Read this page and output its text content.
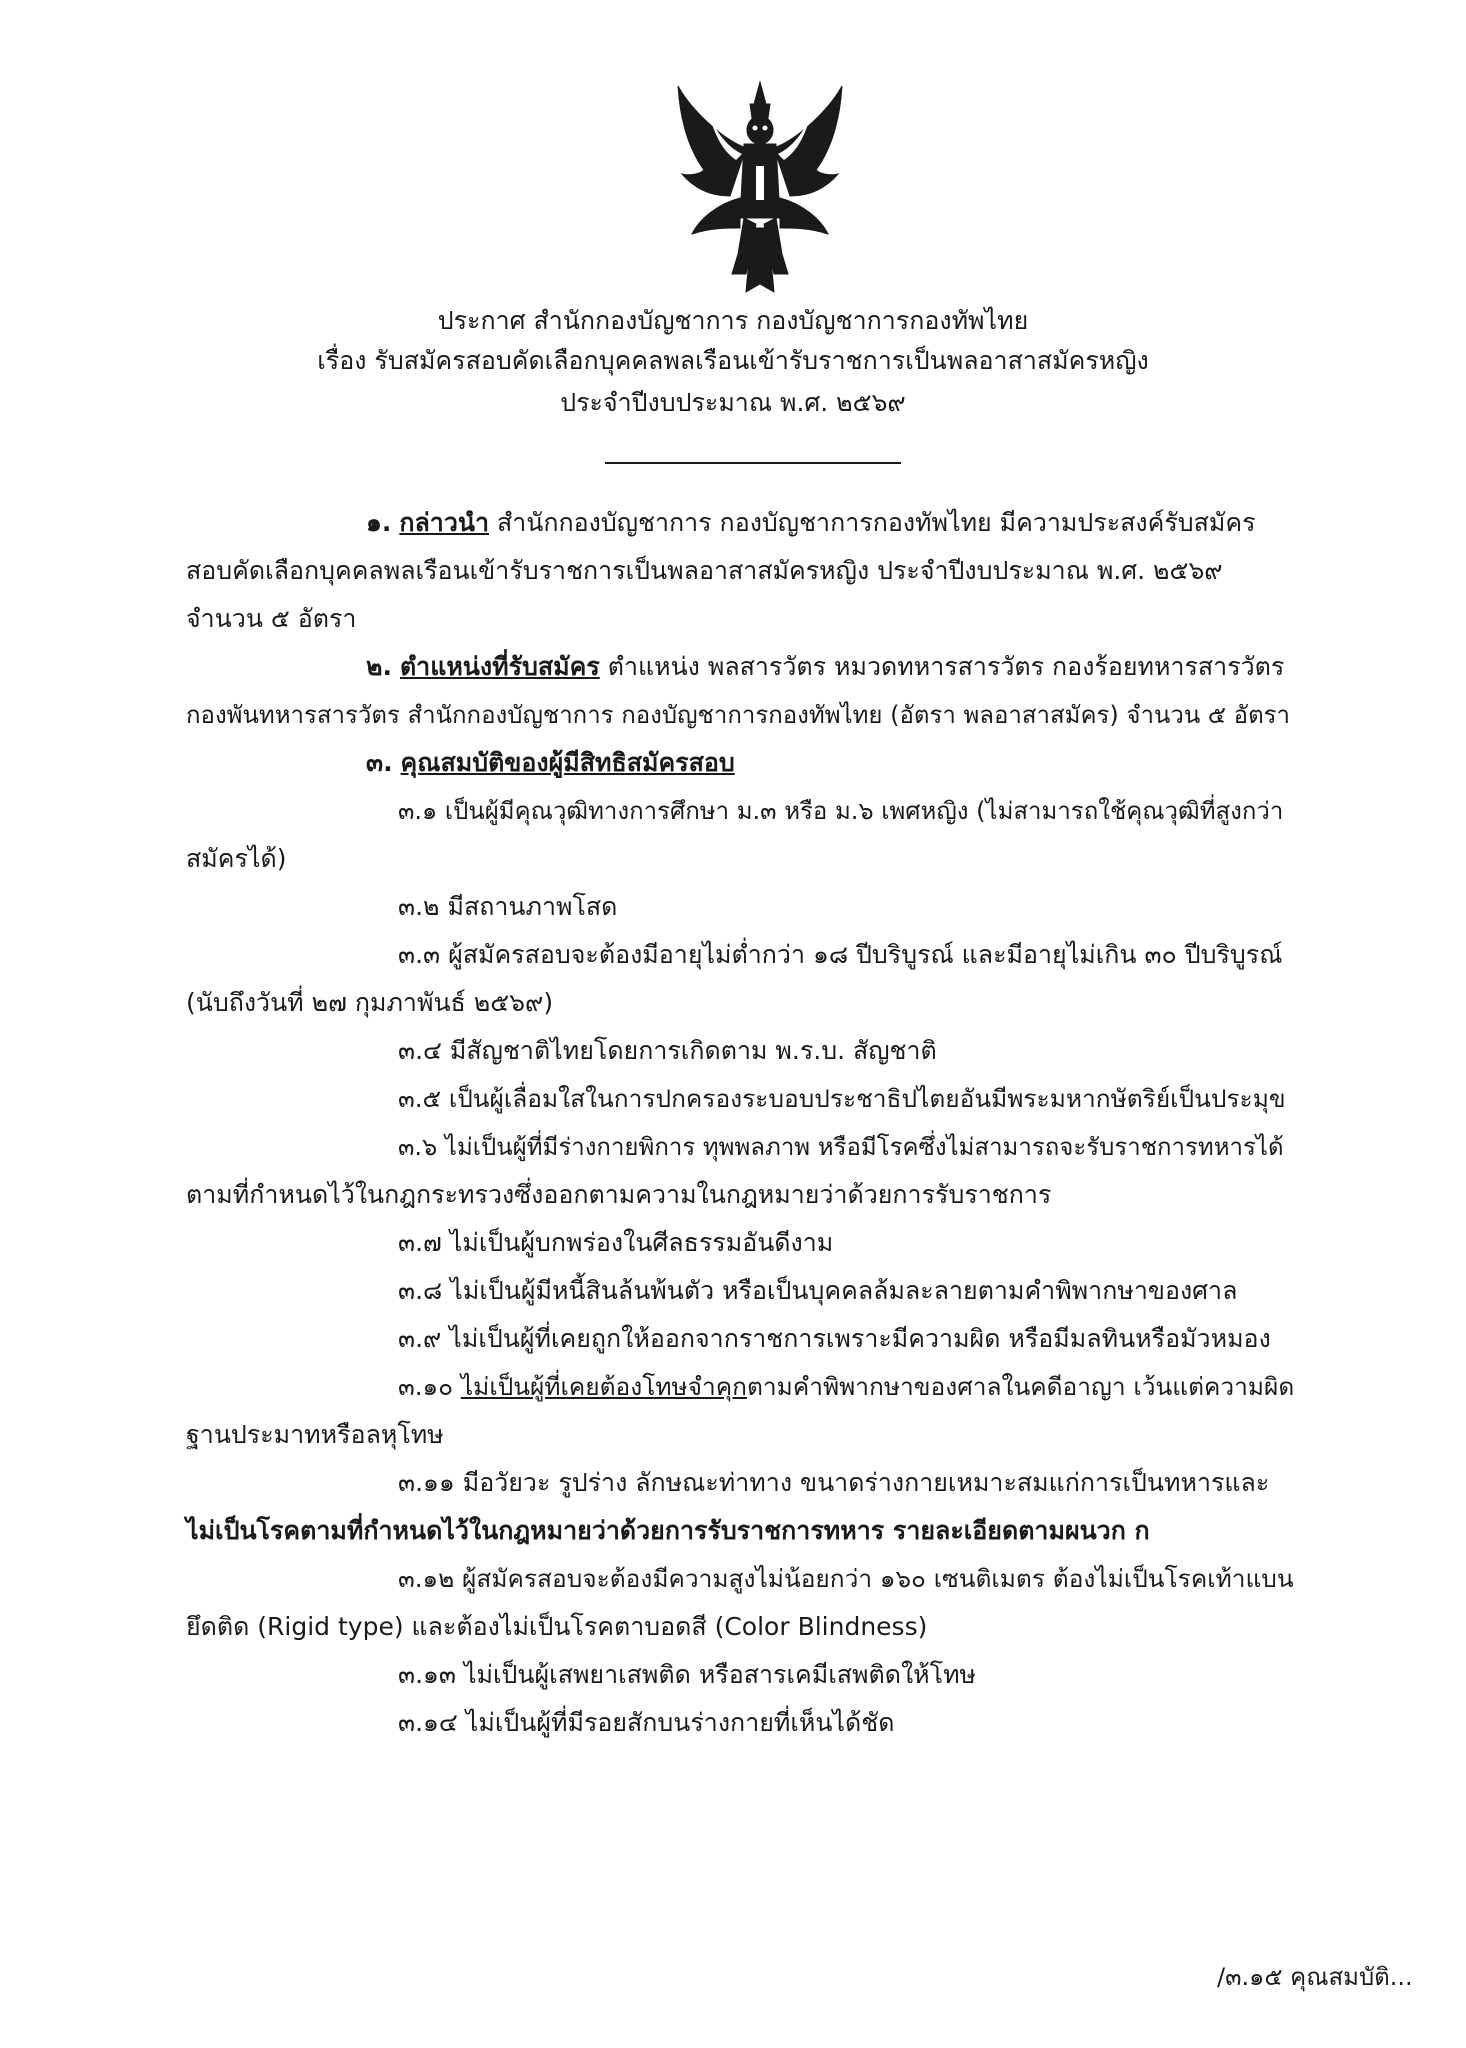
ประกาศ สำนักกองบัญชาการ กองบัญชาการกองทัพไทย
เรื่อง รับสมัครสอบคัดเลือกบุคคลพลเรือนเข้ารับราชการเป็นพลอาสาสมัครหญิง
ประจำปีงบประมาณ พ.ศ. ๒๕๖๙
๑. กล่าวนำ สำนักกองบัญชาการ กองบัญชาการกองทัพไทย มีความประสงค์รับสมัคร
สอบคัดเลือกบุคคลพลเรือนเข้ารับราชการเป็นพลอาสาสมัครหญิง ประจำปีงบประมาณ พ.ศ. ๒๕๖๙
จำนวน ๕ อัตรา
๒. ตำแหน่งที่รับสมัคร ตำแหน่ง พลสารวัตร หมวดทหารสารวัตร กองร้อยทหารสารวัตร
กองพันทหารสารวัตร สำนักกองบัญชาการ กองบัญชาการกองทัพไทย (อัตรา พลอาสาสมัคร) จำนวน ๕ อัตรา
๓. คุณสมบัติของผู้มีสิทธิสมัครสอบ
๓.๑ เป็นผู้มีคุณวุฒิทางการศึกษา ม.๓ หรือ ม.๖ เพศหญิง (ไม่สามารถใช้คุณวุฒิที่สูงกว่า
สมัครได้)
๓.๒ มีสถานภาพโสด
๓.๓ ผู้สมัครสอบจะต้องมีอายุไม่ต่ำกว่า ๑๘ ปีบริบูรณ์ และมีอายุไม่เกิน ๓๐ ปีบริบูรณ์
(นับถึงวันที่ ๒๗ กุมภาพันธ์ ๒๕๖๙)
๓.๔ มีสัญชาติไทยโดยการเกิดตาม พ.ร.บ. สัญชาติ
๓.๕ เป็นผู้เลื่อมใสในการปกครองระบอบประชาธิปไตยอันมีพระมหากษัตริย์เป็นประมุข
๓.๖ ไม่เป็นผู้ที่มีร่างกายพิการ ทุพพลภาพ หรือมีโรคซึ่งไม่สามารถจะรับราชการทหารได้
ตามที่กำหนดไว้ในกฎกระทรวงซึ่งออกตามความในกฎหมายว่าด้วยการรับราชการ
๓.๗ ไม่เป็นผู้บกพร่องในศีลธรรมอันดีงาม
๓.๘ ไม่เป็นผู้มีหนี้สินล้นพ้นตัว หรือเป็นบุคคลล้มละลายตามคำพิพากษาของศาล
๓.๙ ไม่เป็นผู้ที่เคยถูกให้ออกจากราชการเพราะมีความผิด หรือมีมลทินหรือมัวหมอง
๓.๑๐ ไม่เป็นผู้ที่เคยต้องโทษจำคุกตามคำพิพากษาของศาลในคดีอาญา เว้นแต่ความผิด
ฐานประมาทหรือลหุโทษ
๓.๑๑ มีอวัยวะ รูปร่าง ลักษณะท่าทาง ขนาดร่างกายเหมาะสมแก่การเป็นทหารและ
ไม่เป็นโรคตามที่กำหนดไว้ในกฎหมายว่าด้วยการรับราชการทหาร รายละเอียดตามผนวก ก
๓.๑๒ ผู้สมัครสอบจะต้องมีความสูงไม่น้อยกว่า ๑๖๐ เซนติเมตร ต้องไม่เป็นโรคเท้าแบน
ยึดติด (Rigid type) และต้องไม่เป็นโรคตาบอดสี (Color Blindness)
๓.๑๓ ไม่เป็นผู้เสพยาเสพติด หรือสารเคมีเสพติดให้โทษ
๓.๑๔ ไม่เป็นผู้ที่มีรอยสักบนร่างกายที่เห็นได้ชัด
/๓.๑๕ คุณสมบัติ...
